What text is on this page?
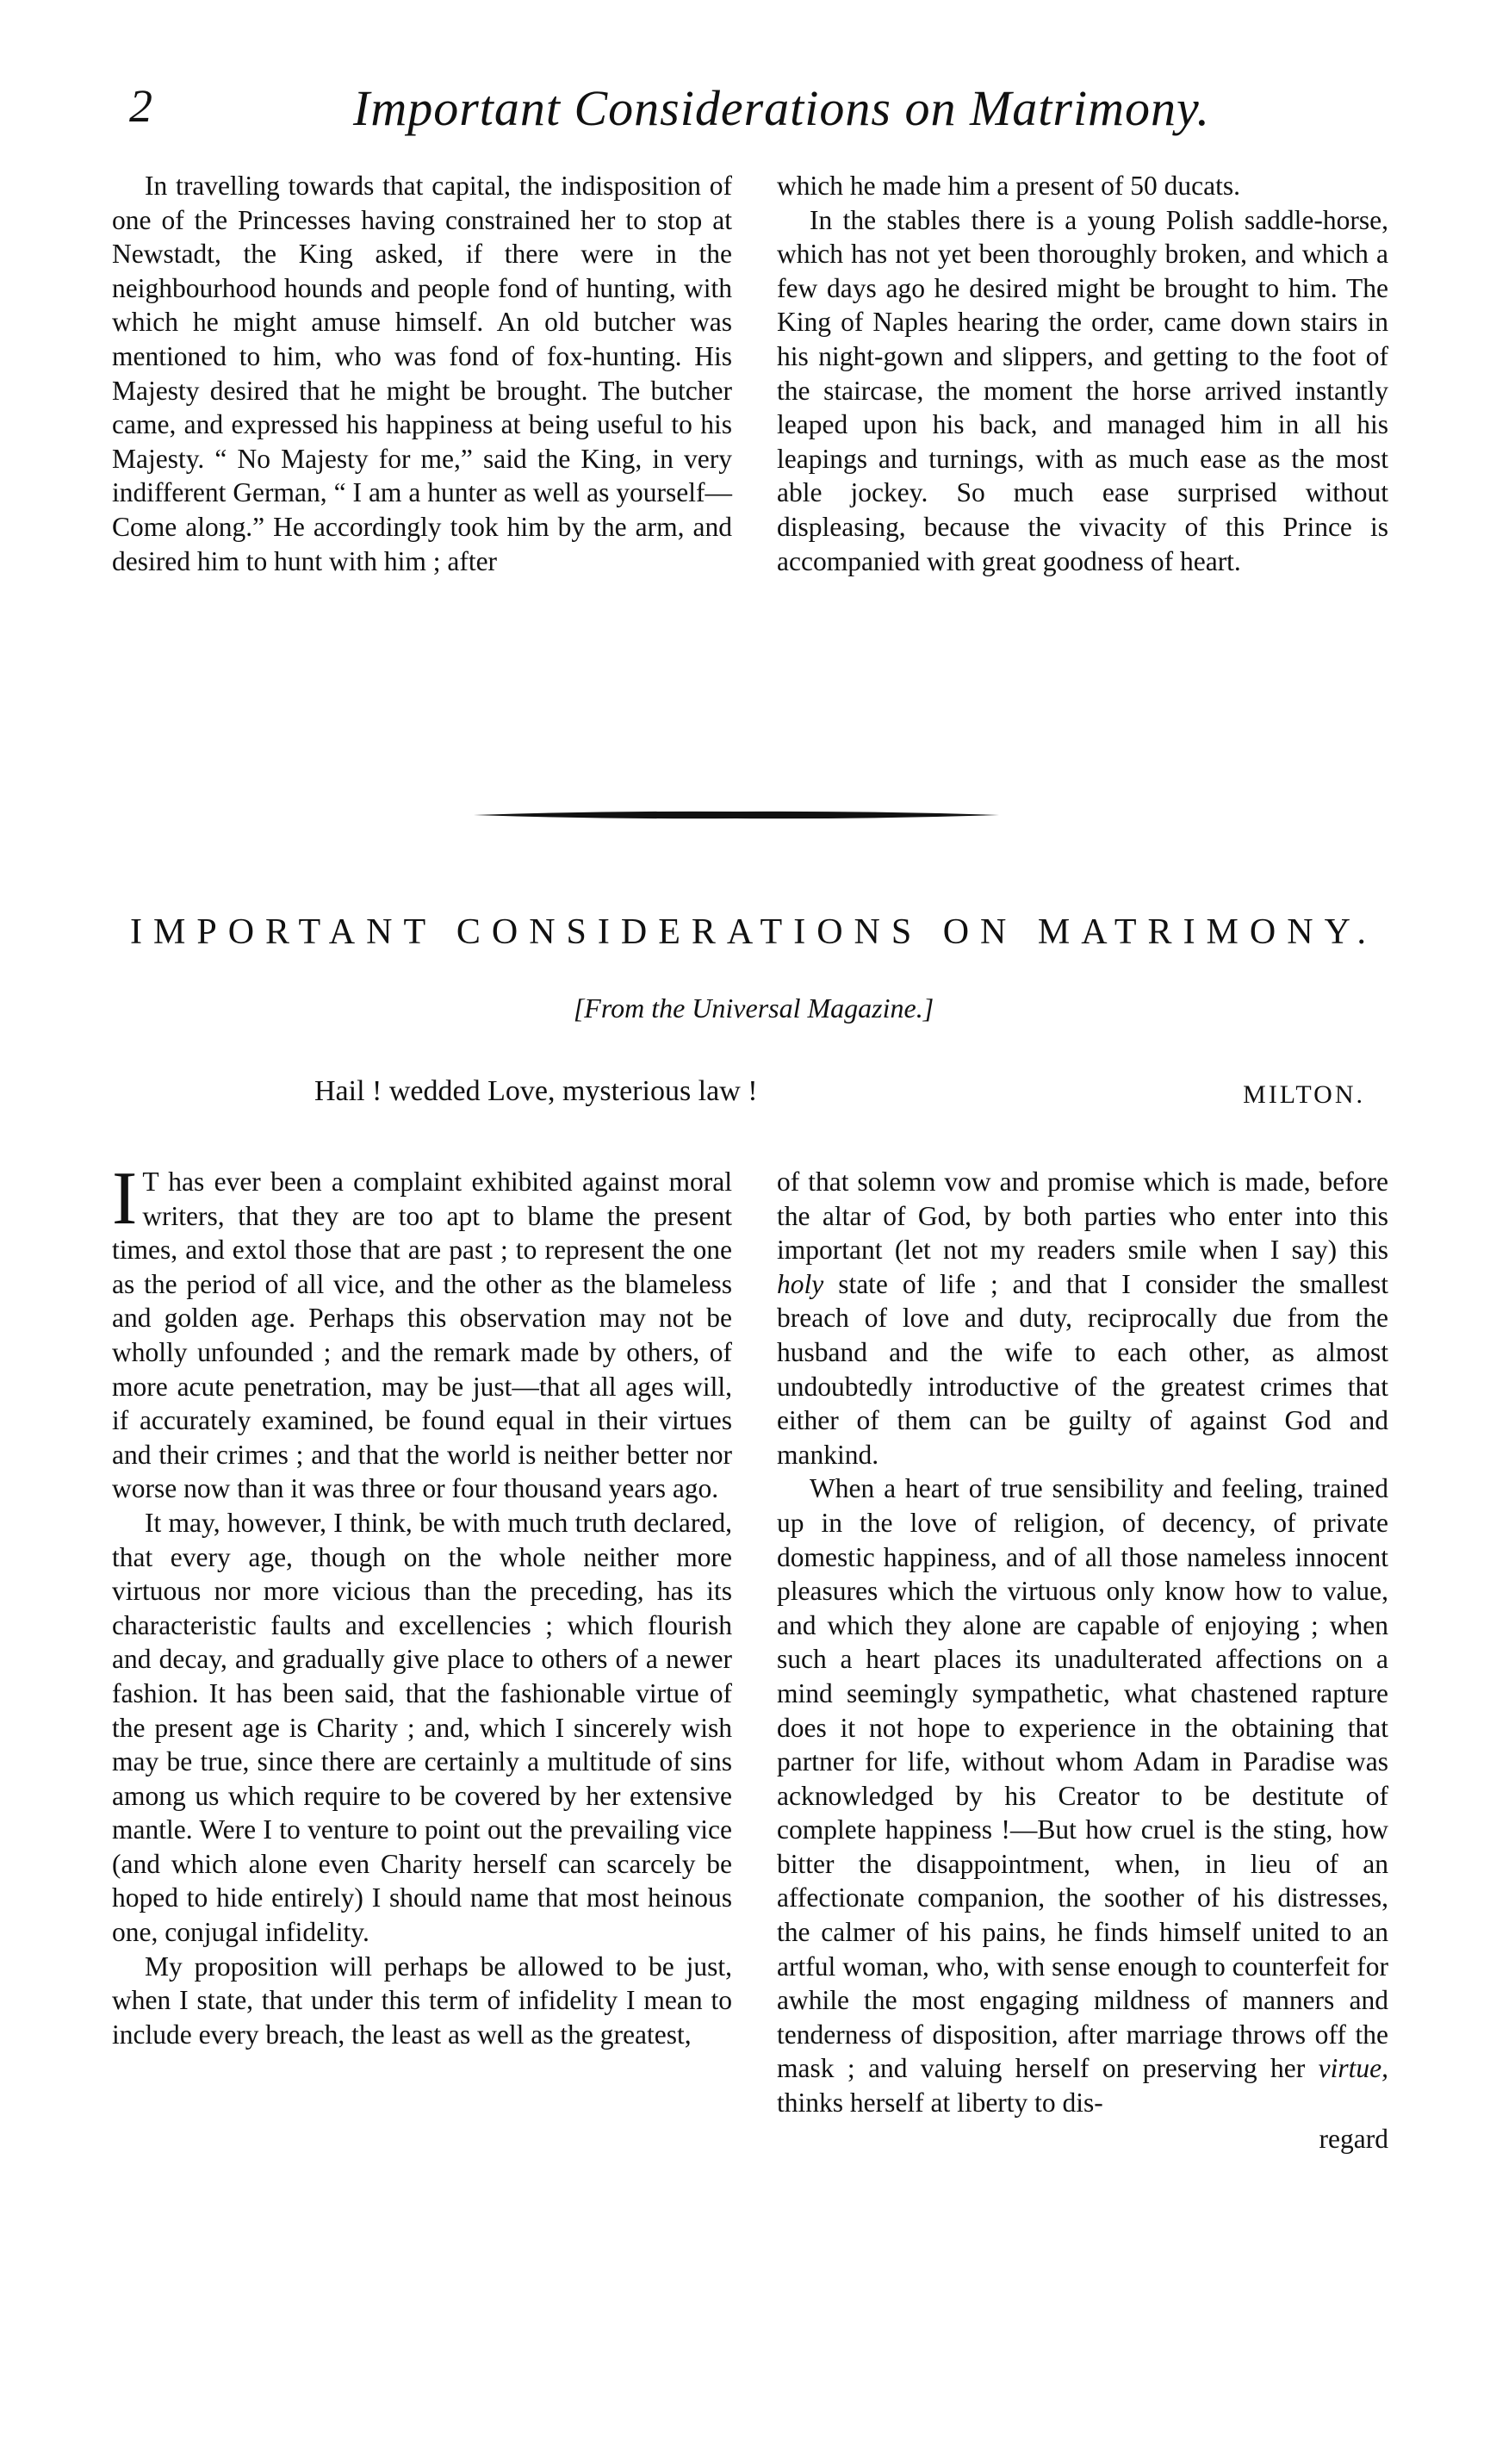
2	Important Considerations on Matrimony.

In travelling towards that capital, the indisposition of one of the Princesses having constrained her to stop at Newstadt, the King asked, if there were in the neighbourhood hounds and people fond of hunting, with which he might amuse himself. An old butcher was mentioned to him, who was fond of fox-hunting. His Majesty desired that he might be brought. The butcher came, and expressed his happiness at being useful to his Majesty. “ No Majesty for me,” said the King, in very indifferent German, “ I am a hunter as well as yourself—Come along.” He accordingly took him by the arm, and desired him to hunt with him ; after

which he made him a present of 50 ducats.

In the stables there is a young Polish saddle-horse, which has not yet been thoroughly broken, and which a few days ago he desired might be brought to him. The King of Naples hearing the order, came down stairs in his night-gown and slippers, and getting to the foot of the staircase, the moment the horse arrived instantly leaped upon his back, and managed him in all his leapings and turnings, with as much ease as the most able jockey. So much ease surprised without displeasing, because the vivacity of this Prince is accompanied with great goodness of heart.

IMPORTANT CONSIDERATIONS ON MATRIMONY.
[From the Universal Magazine.]
Hail ! wedded Love, mysterious law !	MILTON.

I T has ever been a complaint exhibited against moral writers, that they are too apt to blame the present times, and extol those that are past ; to represent the one as the period of all vice, and the other as the blameless and golden age. Perhaps this observation may not be wholly unfounded ; and the remark made by others, of more acute penetration, may be just—that all ages will, if accurately examined, be found equal in their virtues and their crimes ; and that the world is neither better nor worse now than it was three or four thousand years ago.

It may, however, I think, be with much truth declared, that every age, though on the whole neither more virtuous nor more vicious than the preceding, has its characteristic faults and excellencies ; which flourish and decay, and gradually give place to others of a newer fashion. It has been said, that the fashionable virtue of the present age is Charity ; and, which I sincerely wish may be true, since there are certainly a multitude of sins among us which require to be covered by her extensive mantle. Were I to venture to point out the prevailing vice (and which alone even Charity herself can scarcely be hoped to hide entirely) I should name that most heinous one, conjugal infidelity.

My proposition will perhaps be allowed to be just, when I state, that under this term of infidelity I mean to include every breach, the least as well as the greatest,

of that solemn vow and promise which is made, before the altar of God, by both parties who enter into this important (let not my readers smile when I say) this holy state of life ; and that I consider the smallest breach of love and duty, reciprocally due from the husband and the wife to each other, as almost undoubtedly introductive of the greatest crimes that either of them can be guilty of against God and mankind.

When a heart of true sensibility and feeling, trained up in the love of religion, of decency, of private domestic happiness, and of all those nameless innocent pleasures which the virtuous only know how to value, and which they alone are capable of enjoying ; when such a heart places its unadulterated affections on a mind seemingly sympathetic, what chastened rapture does it not hope to experience in the obtaining that partner for life, without whom Adam in Paradise was acknowledged by his Creator to be destitute of complete happiness !—But how cruel is the sting, how bitter the disappointment, when, in lieu of an affectionate companion, the soother of his distresses, the calmer of his pains, he finds himself united to an artful woman, who, with sense enough to counterfeit for awhile the most engaging mildness of manners and tenderness of disposition, after marriage throws off the mask ; and valuing herself on preserving her virtue, thinks herself at liberty to dis-

regard
